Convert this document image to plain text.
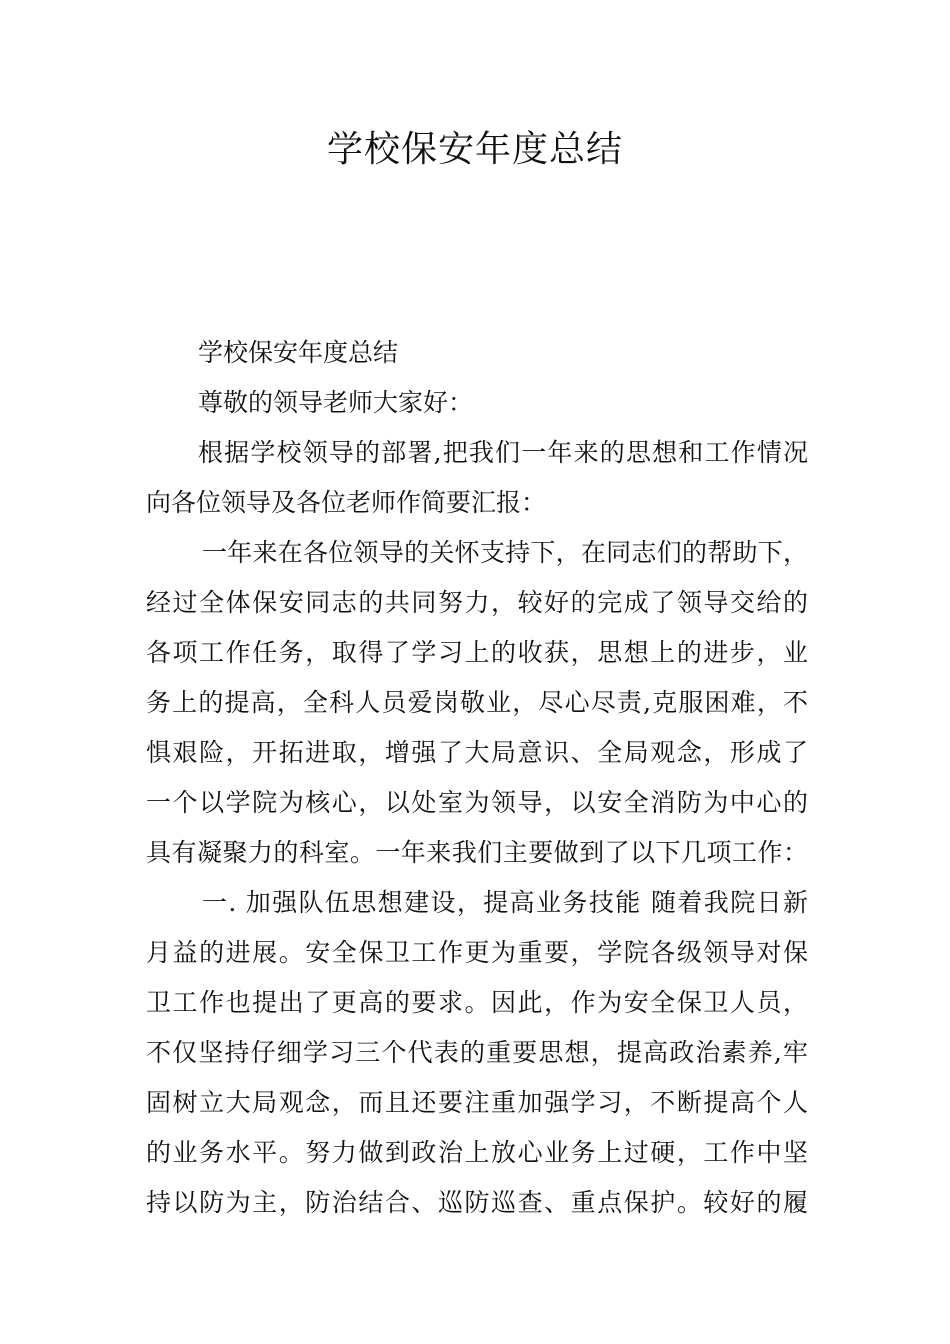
学校保安年度总结
学校保安年度总结
尊敬的领导老师大家好：
根据学校领导的部署,把我们一年来的思想和工作情况
向各位领导及各位老师作简要汇报：
一年来在各位领导的关怀支持下，在同志们的帮助下，
经过全体保安同志的共同努力，较好的完成了领导交给的
各项工作任务，取得了学习上的收获，思想上的进步，业
务上的提高，全科人员爱岗敬业，尽心尽责,克服困难，不
惧艰险，开拓进取，增强了大局意识、全局观念，形成了
一个以学院为核心，以处室为领导，以安全消防为中心的
具有凝聚力的科室。一年来我们主要做到了以下几项工作：
一. 加强队伍思想建设，提高业务技能 随着我院日新
月益的进展。安全保卫工作更为重要，学院各级领导对保
卫工作也提出了更高的要求。因此，作为安全保卫人员，
不仅坚持仔细学习三个代表的重要思想，提高政治素养,牢
固树立大局观念，而且还要注重加强学习，不断提高个人
的业务水平。努力做到政治上放心业务上过硬，工作中坚
持以防为主，防治结合、巡防巡查、重点保护。较好的履
